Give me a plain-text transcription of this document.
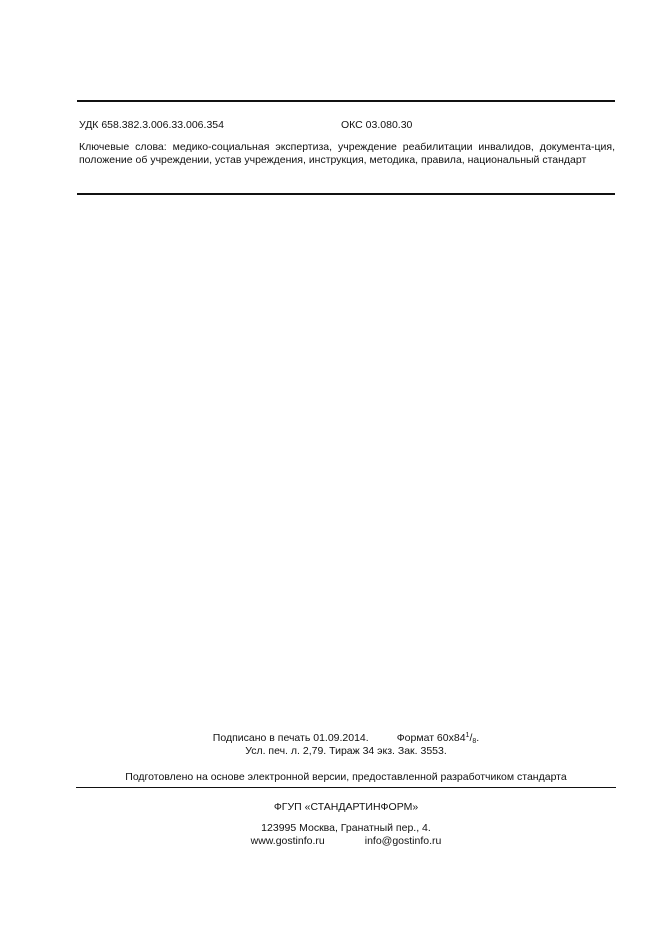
УДК 658.382.3.006.33.006.354	ОКС 03.080.30
Ключевые слова: медико-социальная экспертиза, учреждение реабилитации инвалидов, документа-ция, положение об учреждении, устав учреждения, инструкция, методика, правила, национальный стандарт
Подписано в печать 01.09.2014.	Формат $60х84^1/_8$.
Усл. печ. л. 2,79. Тираж 34 экз. Зак. 3553.
Подготовлено на основе электронной версии, предоставленной разработчиком стандарта
ФГУП «СТАНДАРТИНФОРМ»
123995 Москва, Гранатный пер., 4.
www.gostinfo.ru	info@gostinfo.ru
